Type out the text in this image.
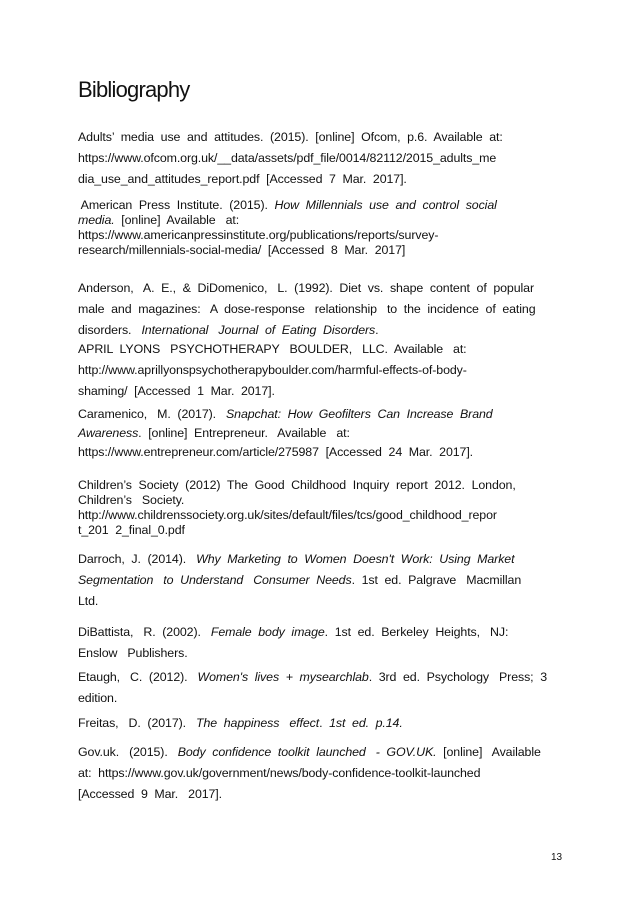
Bibliography

Adults’  media  use  and  attitudes.  (2015).  [online]  Ofcom,  p.6.  Available  at:
https://www.ofcom.org.uk/__data/assets/pdf_file/0014/82112/2015_adults_me
dia_use_and_attitudes_report.pdf  [Accessed  7  Mar.  2017].

American  Press  Institute.  (2015).  How  Millennials  use  and  control  social
media.  [online]  Available   at:
https://www.americanpressinstitute.org/publications/reports/survey-
research/millennials-social-media/  [Accessed  8  Mar.  2017]

Anderson,   A.  E.,  &  DiDomenico,   L.  (1992).  Diet  vs.  shape  content  of  popular
male  and  magazines:   A  dose-response   relationship   to  the  incidence  of  eating
disorders.   International   Journal  of  Eating  Disorders.

APRIL  LYONS   PSYCHOTHERAPY   BOULDER,   LLC.  Available   at:
http://www.aprillyonspsychotherapyboulder.com/harmful-effects-of-body-
shaming/  [Accessed  1  Mar.  2017].

Caramenico,   M.  (2017).   Snapchat:  How  Geofilters  Can  Increase  Brand
Awareness.  [online]  Entrepreneur.   Available   at:
https://www.entrepreneur.com/article/275987  [Accessed  24  Mar.  2017].

Children’s  Society  (2012)  The  Good  Childhood  Inquiry  report  2012.  London,
Children’s   Society.
http://www.childrenssociety.org.uk/sites/default/files/tcs/good_childhood_repor
t_201  2_final_0.pdf

Darroch,  J.  (2014).   Why  Marketing  to  Women  Doesn't  Work:  Using  Market
Segmentation   to  Understand   Consumer  Needs.  1st  ed.  Palgrave   Macmillan
Ltd.

DiBattista,   R.  (2002).   Female  body  image.  1st  ed.  Berkeley  Heights,   NJ:
Enslow   Publishers.

Etaugh,   C.  (2012).   Women's  lives  +  mysearchlab.  3rd  ed.  Psychology   Press;  3
edition.

Freitas,   D.  (2017).   The  happiness   effect.  1st  ed.  p.14.

Gov.uk.   (2015).   Body  confidence  toolkit  launched   -  GOV.UK.  [online]   Available
at:  https://www.gov.uk/government/news/body-confidence-toolkit-launched
[Accessed  9  Mar.   2017].

13
